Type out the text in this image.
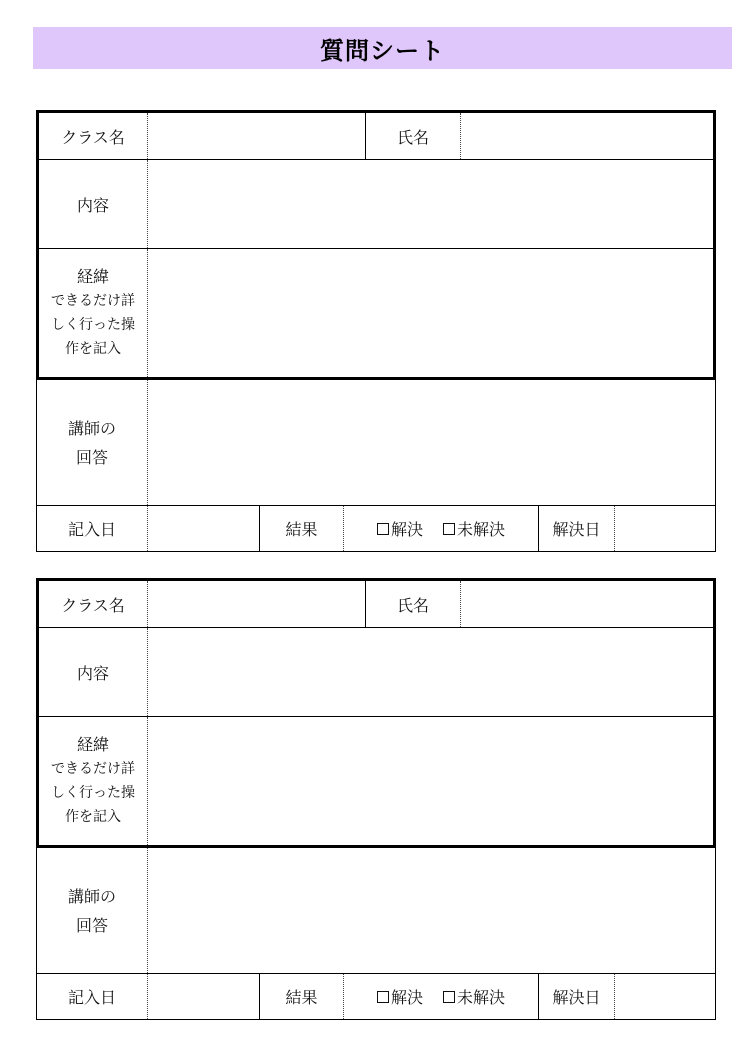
質問シート
クラス名	氏名
内容
経緯
できるだけ詳
しく行った操
作を記入
講師の
回答
記入日	結果	解決 未解決	解決日
クラス名	氏名
内容
経緯
できるだけ詳
しく行った操
作を記入
講師の
回答
記入日	結果	解決 未解決	解決日
